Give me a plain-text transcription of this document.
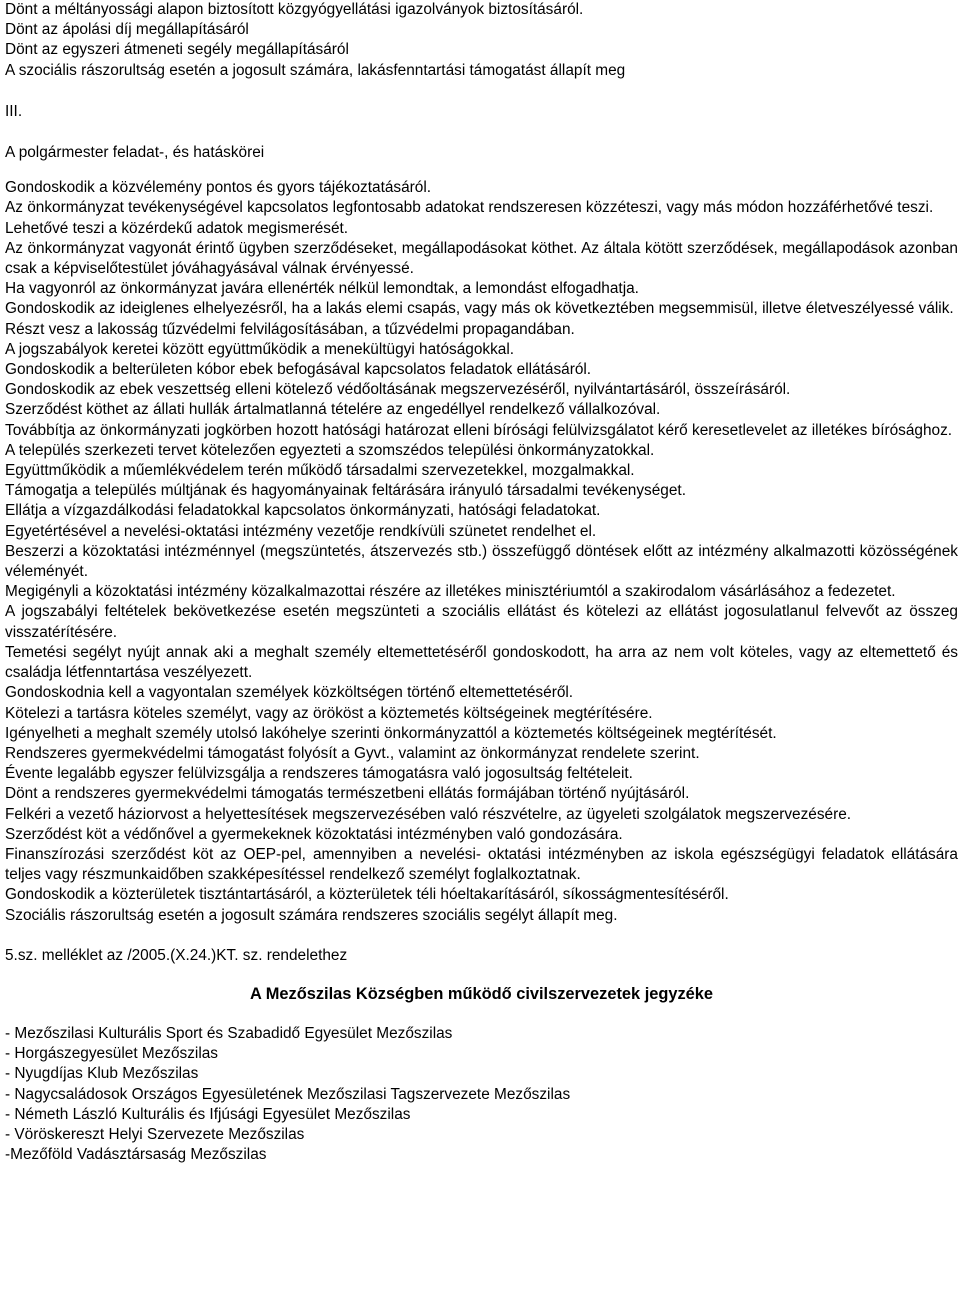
Dönt a méltányossági alapon biztosított közgyógyellátási igazolványok biztosításáról.
Dönt az ápolási díj megállapításáról
Dönt az egyszeri átmeneti segély megállapításáról
A szociális rászorultság esetén a jogosult számára, lakásfenntartási támogatást állapít meg
III.
A polgármester feladat-, és hatáskörei
Gondoskodik a közvélemény pontos és gyors tájékoztatásáról.
Az önkormányzat tevékenységével kapcsolatos legfontosabb adatokat rendszeresen közzéteszi, vagy más módon hozzáférhetővé teszi.
Lehetővé teszi a közérdekű adatok megismerését.
Az önkormányzat vagyonát érintő ügyben szerződéseket, megállapodásokat köthet. Az általa kötött szerződések, megállapodások azonban csak a képviselőtestület jóváhagyásával válnak érvényessé.
Ha vagyonról az önkormányzat javára ellenérték nélkül lemondtak, a lemondást elfogadhatja.
Gondoskodik az ideiglenes elhelyezésről, ha a lakás elemi csapás, vagy más ok következtében megsemmisül, illetve életveszélyessé válik.
Részt vesz a lakosság tűzvédelmi felvilágosításában, a tűzvédelmi propagandában.
A jogszabályok keretei között együttműködik a menekültügyi hatóságokkal.
Gondoskodik a belterületen kóbor ebek befogásával kapcsolatos feladatok ellátásáról.
Gondoskodik az ebek veszettség elleni kötelező védőoltásának megszervezéséről, nyilvántartásáról, összeírásáról.
Szerződést köthet az állati hullák ártalmatlanná tételére az engedéllyel rendelkező vállalkozóval.
Továbbítja az önkormányzati jogkörben hozott hatósági határozat elleni bírósági felülvizsgálatot kérő keresetlevelet az illetékes bírósághoz.
A település szerkezeti tervet kötelezően egyezteti a szomszédos települési önkormányzatokkal.
Együttműködik a műemlékvédelem terén működő társadalmi szervezetekkel, mozgalmakkal.
Támogatja a település múltjának és hagyományainak feltárására irányuló társadalmi tevékenységet.
Ellátja a vízgazdálkodási feladatokkal kapcsolatos önkormányzati, hatósági feladatokat.
Egyetértésével a nevelési-oktatási intézmény vezetője rendkívüli szünetet rendelhet el.
Beszerzi a közoktatási intézménnyel (megszüntetés, átszervezés stb.) összefüggő döntések előtt az intézmény alkalmazotti közösségének véleményét.
Megigényli a közoktatási intézmény közalkalmazottai részére az illetékes minisztériumtól a szakirodalom vásárlásához a fedezetet.
A jogszabályi feltételek bekövetkezése esetén megszünteti a szociális ellátást és kötelezi az ellátást jogosulatlanul felvevőt az összeg visszatérítésére.
Temetési segélyt nyújt annak aki a meghalt személy eltemettetéséről gondoskodott, ha arra az nem volt köteles, vagy az eltemettető és családja létfenntartása veszélyezett.
Gondoskodnia kell a vagyontalan személyek közköltségen történő eltemettetéséről.
Kötelezi a tartásra köteles személyt, vagy az örököst a köztemetés költségeinek megtérítésére.
Igényelheti a meghalt személy utolsó lakóhelye szerinti önkormányzattól a köztemetés költségeinek megtérítését.
Rendszeres gyermekvédelmi támogatást folyósít a Gyvt., valamint az önkormányzat rendelete szerint.
Évente legalább egyszer felülvizsgálja a rendszeres támogatásra való jogosultság feltételeit.
Dönt a rendszeres gyermekvédelmi támogatás természetbeni ellátás formájában történő nyújtásáról.
Felkéri a vezető háziorvost a helyettesítések megszervezésében való részvételre, az ügyeleti szolgálatok megszervezésére.
Szerződést köt a védőnővel a gyermekeknek közoktatási intézményben való gondozására.
Finanszírozási szerződést köt az OEP-pel, amennyiben a nevelési- oktatási intézményben az iskola egészségügyi feladatok ellátására teljes vagy részmunkaidőben szakképesítéssel rendelkező személyt foglalkoztatnak.
Gondoskodik a közterületek tisztántartásáról, a közterületek téli hóeltakarításáról, síkosságmentesítéséről.
Szociális rászorultság esetén a jogosult számára rendszeres szociális segélyt állapít meg.
5.sz. melléklet az /2005.(X.24.)KT. sz. rendelethez
A Mezőszilas Községben működő civilszervezetek jegyzéke
- Mezőszilasi Kulturális Sport és Szabadidő Egyesület Mezőszilas
- Horgászegyesület Mezőszilas
- Nyugdíjas Klub Mezőszilas
- Nagycsaládosok Országos Egyesületének Mezőszilasi Tagszervezete Mezőszilas
- Németh László Kulturális és Ifjúsági Egyesület Mezőszilas
- Vöröskereszt Helyi Szervezete Mezőszilas
-Mezőföld Vadásztársaság Mezőszilas
